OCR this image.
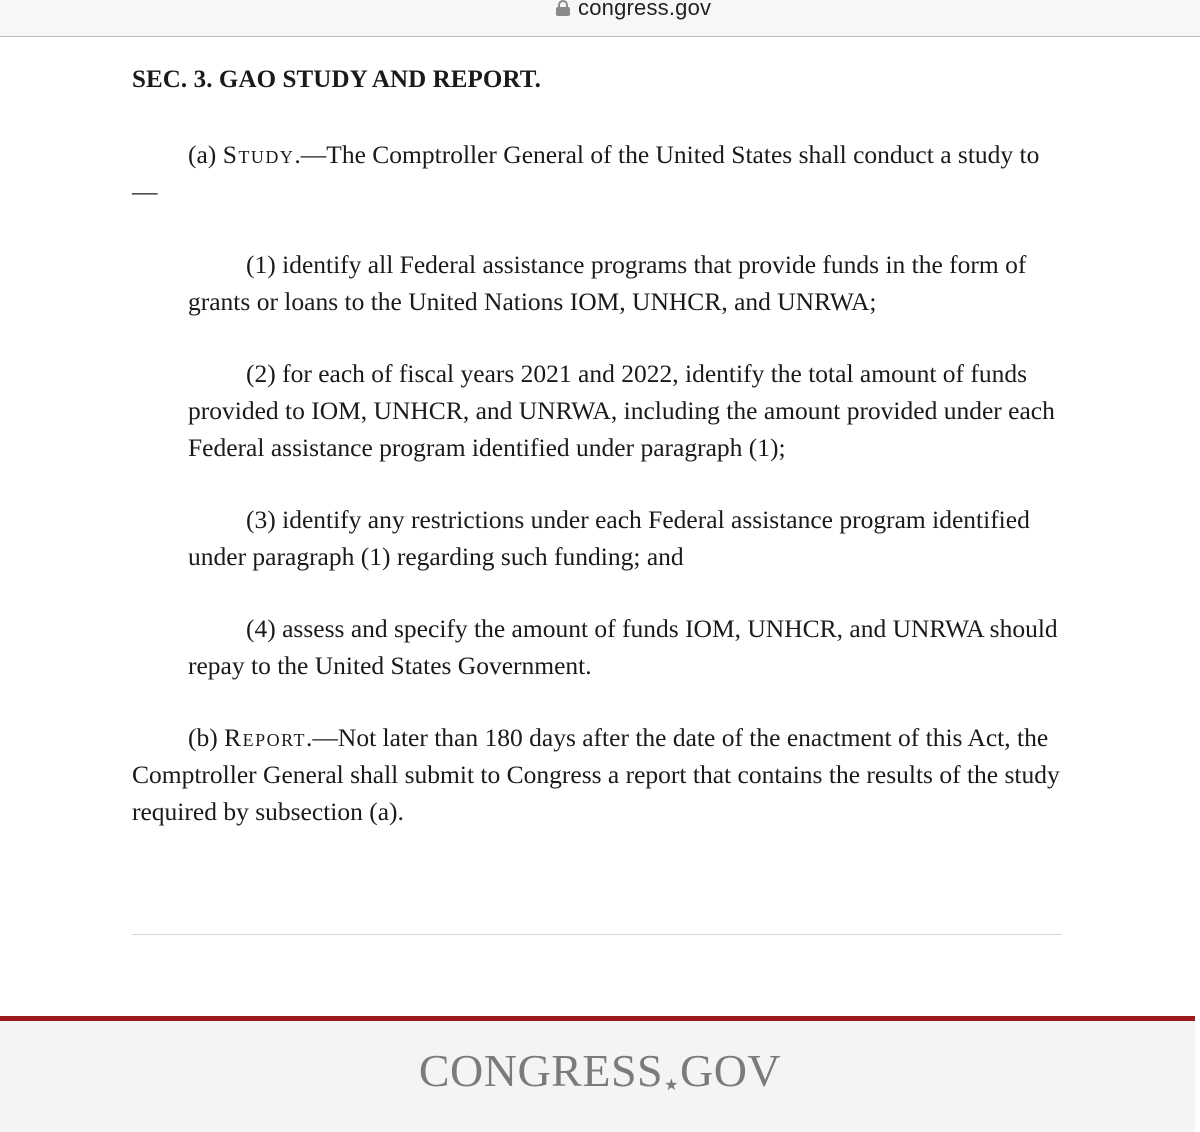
congress.gov

SEC. 3. GAO STUDY AND REPORT.

(a) Study.—The Comptroller General of the United States shall conduct a study to—

(1) identify all Federal assistance programs that provide funds in the form of grants or loans to the United Nations IOM, UNHCR, and UNRWA;

(2) for each of fiscal years 2021 and 2022, identify the total amount of funds provided to IOM, UNHCR, and UNRWA, including the amount provided under each Federal assistance program identified under paragraph (1);

(3) identify any restrictions under each Federal assistance program identified under paragraph (1) regarding such funding; and

(4) assess and specify the amount of funds IOM, UNHCR, and UNRWA should repay to the United States Government.

(b) Report.—Not later than 180 days after the date of the enactment of this Act, the Comptroller General shall submit to Congress a report that contains the results of the study required by subsection (a).

CONGRESS★GOV
